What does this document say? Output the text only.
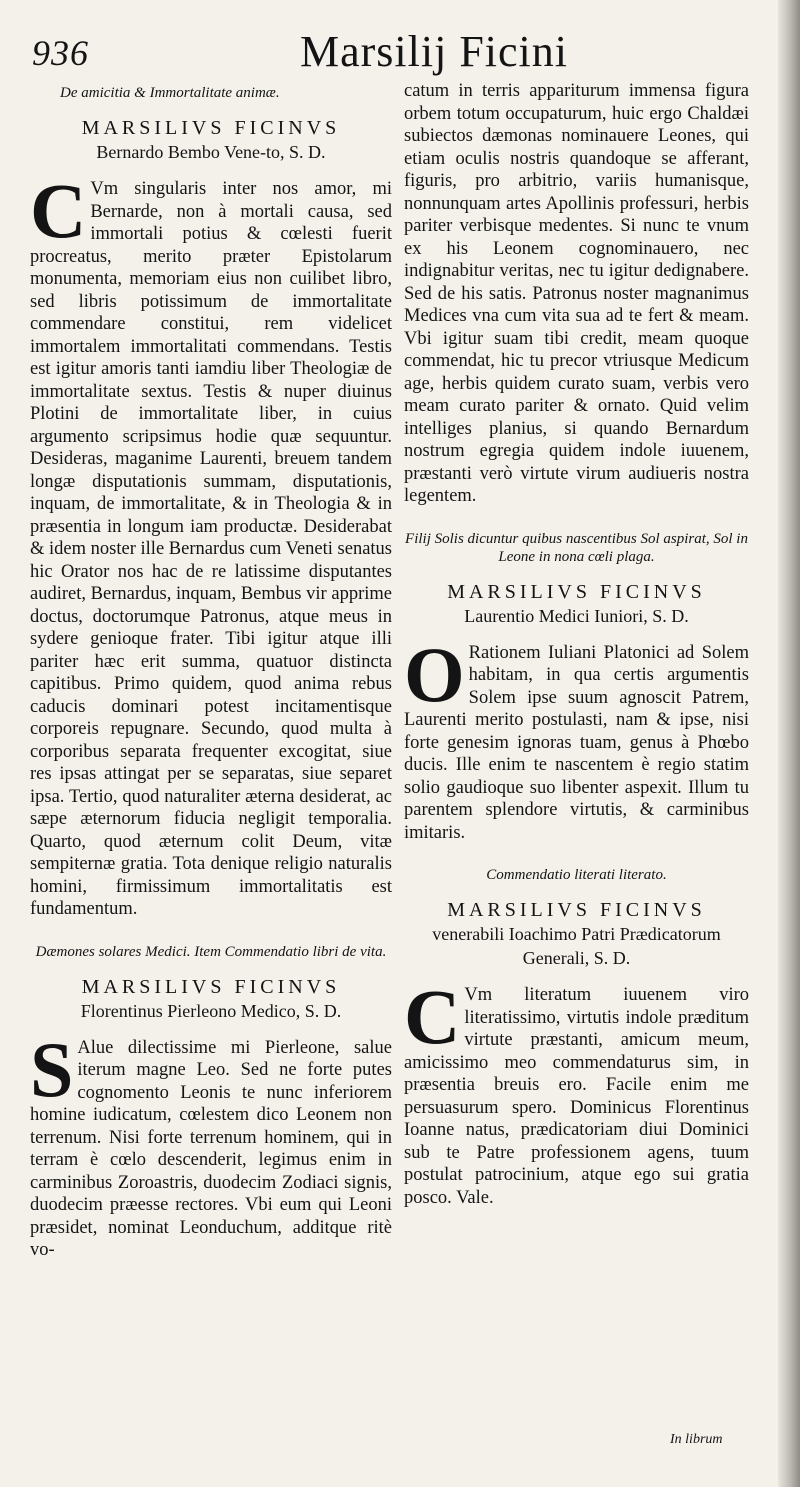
936	Marsilij Ficini
De amicitia & Immortalitate animæ.
MARSILIVS FICINVS
Bernardo Bembo Vene-to, S. D.
C Vm singularis inter nos amor, mi Bernarde, non à mortali causa, sed immortali potius & cœlesti fuerit procreatus, merito præter Epistolarum monumenta, memoriam eius non cuilibet libro, sed libris potissimum de immortalitate commendare constitui, rem videlicet immortalem immortalitati commendans. Testis est igitur amoris tanti iamdiu liber Theologiæ de immortalitate sextus. Testis & nuper diuinus Plotini de immortalitate liber, in cuius argumento scripsimus hodie quæ sequuntur. Desideras, maganime Laurenti, breuem tandem longæ disputationis summam, disputationis, inquam, de immortalitate, & in Theologia & in præsentia in longum iam productæ. Desiderabat & idem noster ille Bernardus cum Veneti senatus hic Orator nos hac de re latissime disputantes audiret, Bernardus, inquam, Bembus vir apprime doctus, doctorumque Patronus, atque meus in sydere genioque frater. Tibi igitur atque illi pariter hæc erit summa, quatuor distincta capitibus. Primo quidem, quod anima rebus caducis dominari potest incitamentisque corporeis repugnare. Secundo, quod multa à corporibus separata frequenter excogitat, siue res ipsas attingat per se separatas, siue separet ipsa. Tertio, quod naturaliter æterna desiderat, ac sæpe æternorum fiducia negligit temporalia. Quarto, quod æternum colit Deum, vitæ sempiternæ gratia. Tota denique religio naturalis homini, firmissimum immortalitatis est fundamentum.

Dæmones solares Medici. Item Commendatio libri de vita.
MARSILIVS FICINVS
Florentinus Pierleono Medico, S. D.
S Alue dilectissime mi Pierleone, salue iterum magne Leo. Sed ne forte putes cognomento Leonis te nunc inferiorem homine iudicatum, cœlestem dico Leonem non terrenum. Nisi forte terrenum hominem, qui in terram è cœlo descenderit, legimus enim in carminibus Zoroastris, duodecim Zodiaci signis, duodecim præesse rectores. Vbi eum qui Leoni præsidet, nominat Leonduchum, additque ritè vo-

catum in terris appariturum immensa figura orbem totum occupaturum, huic ergo Chaldæi subiectos dæmonas nominauere Leones, qui etiam oculis nostris quandoque se afferant, figuris, pro arbitrio, variis humanisque, nonnunquam artes Apollinis professuri, herbis pariter verbisque medentes. Si nunc te vnum ex his Leonem cognominauero, nec indignabitur veritas, nec tu igitur dedignabere. Sed de his satis. Patronus noster magnanimus Medices vna cum vita sua ad te fert & meam. Vbi igitur suam tibi credit, meam quoque commendat, hic tu precor vtriusque Medicum age, herbis quidem curato suam, verbis vero meam curato pariter & ornato. Quid velim intelliges planius, si quando Bernardum nostrum egregia quidem indole iuuenem, præstanti verò virtute virum audiueris nostra legentem.

Filij Solis dicuntur quibus nascentibus Sol aspirat, Sol in Leone in nona cœli plaga.
MARSILIVS FICINVS
Laurentio Medici Iuniori, S. D.
O Rationem Iuliani Platonici ad Solem habitam, in qua certis argumentis Solem ipse suum agnoscit Patrem, Laurenti merito postulasti, nam & ipse, nisi forte genesim ignoras tuam, genus à Phœbo ducis. Ille enim te nascentem è regio statim solio gaudioque suo libenter aspexit. Illum tu parentem splendore virtutis, & carminibus imitaris.

Commendatio literati literato.
MARSILIVS FICINVS
venerabili Ioachimo Patri Prædicatorum Generali, S. D.
C Vm literatum iuuenem viro literatissimo, virtutis indole præditum virtute præstanti, amicum meum, amicissimo meo commendaturus sim, in præsentia breuis ero. Facile enim me persuasurum spero. Dominicus Florentinus Ioanne natus, prædicatoriam diui Dominici sub te Patre professionem agens, tuum postulat patrocinium, atque ego sui gratia posco. Vale.

In librum
